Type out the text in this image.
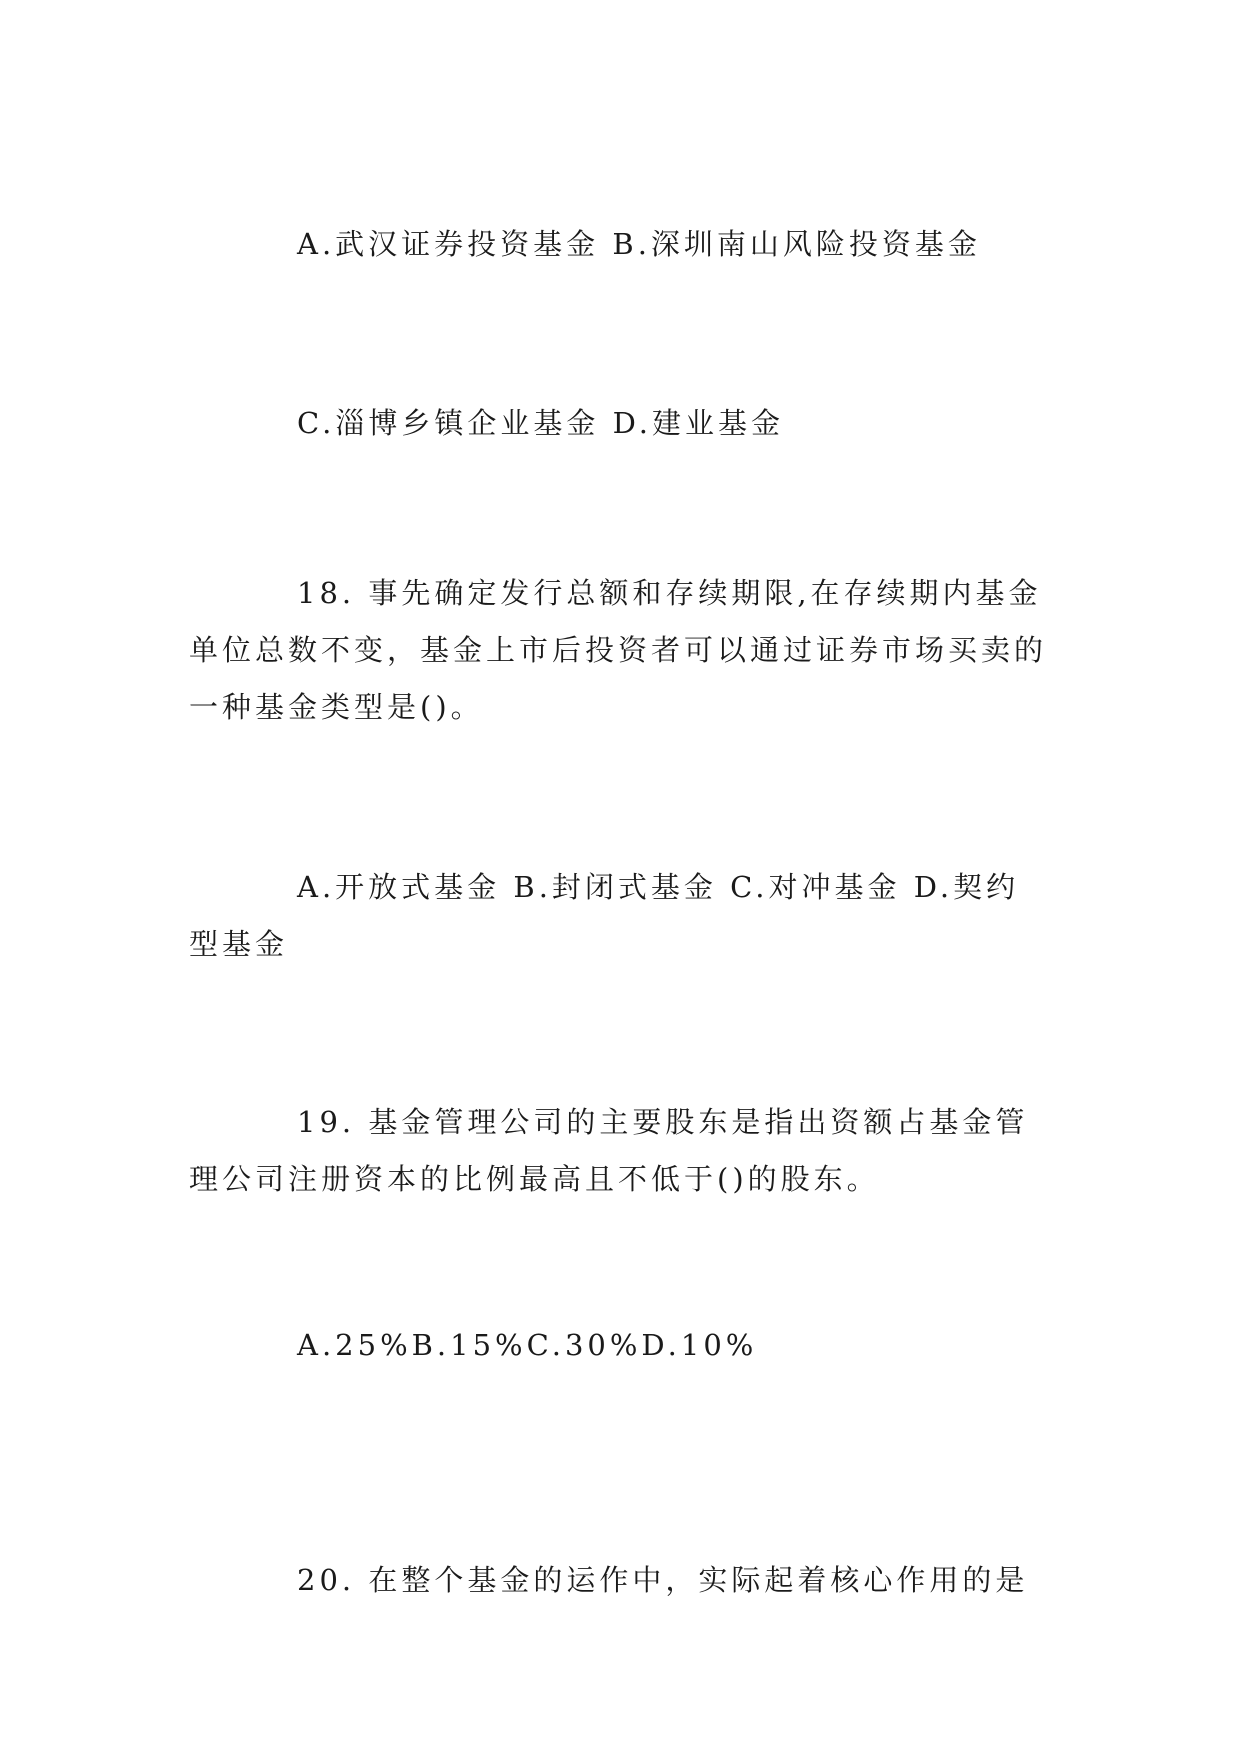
A.武汉证券投资基金 B.深圳南山风险投资基金

C.淄博乡镇企业基金 D.建业基金

18. 事先确定发行总额和存续期限,在存续期内基金单位总数不变，基金上市后投资者可以通过证券市场买卖的一种基金类型是()。

A.开放式基金 B.封闭式基金 C.对冲基金 D.契约型基金

19. 基金管理公司的主要股东是指出资额占基金管理公司注册资本的比例最高且不低于()的股东。

A.25%B.15%C.30%D.10%

20. 在整个基金的运作中，实际起着核心作用的是
